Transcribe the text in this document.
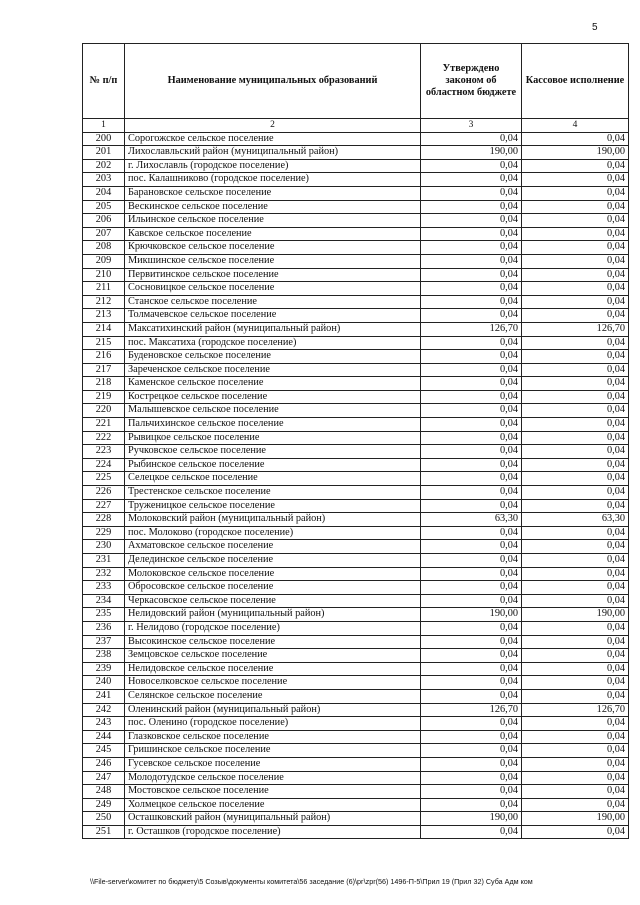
5
№ п/п	Наименование муниципальных образований	Утверждено законом об областном бюджете	Кассовое исполнение
1	2	3	4
200	Сорогожское сельское поселение	0,04	0,04
201	Лихославльский район (муниципальный район)	190,00	190,00
202	г. Лихославль (городское поселение)	0,04	0,04
203	пос. Калашниково (городское поселение)	0,04	0,04
204	Барановское сельское поселение	0,04	0,04
205	Вескинское сельское поселение	0,04	0,04
206	Ильинское сельское поселение	0,04	0,04
207	Кавское сельское поселение	0,04	0,04
208	Крючковское сельское поселение	0,04	0,04
209	Микшинское сельское поселение	0,04	0,04
210	Первитинское сельское поселение	0,04	0,04
211	Сосновицкое сельское поселение	0,04	0,04
212	Станское сельское поселение	0,04	0,04
213	Толмачевское сельское поселение	0,04	0,04
214	Максатихинский район (муниципальный район)	126,70	126,70
215	пос. Максатиха (городское поселение)	0,04	0,04
216	Буденовское сельское поселение	0,04	0,04
217	Зареченское сельское поселение	0,04	0,04
218	Каменское сельское поселение	0,04	0,04
219	Кострецкое сельское поселение	0,04	0,04
220	Малышевское сельское поселение	0,04	0,04
221	Пальчихинское сельское поселение	0,04	0,04
222	Рывицкое сельское поселение	0,04	0,04
223	Ручковское сельское поселение	0,04	0,04
224	Рыбинское сельское поселение	0,04	0,04
225	Селецкое сельское поселение	0,04	0,04
226	Трестенское сельское поселение	0,04	0,04
227	Труженицкое сельское поселение	0,04	0,04
228	Молоковский район (муниципальный район)	63,30	63,30
229	пос. Молоково (городское поселение)	0,04	0,04
230	Ахматовское сельское поселение	0,04	0,04
231	Делединское сельское поселение	0,04	0,04
232	Молоковское сельское поселение	0,04	0,04
233	Обросовское сельское поселение	0,04	0,04
234	Черкасовское сельское поселение	0,04	0,04
235	Нелидовский район (муниципальный район)	190,00	190,00
236	г. Нелидово (городское поселение)	0,04	0,04
237	Высокинское сельское поселение	0,04	0,04
238	Земцовское сельское поселение	0,04	0,04
239	Нелидовское сельское поселение	0,04	0,04
240	Новоселковское сельское поселение	0,04	0,04
241	Селянское сельское поселение	0,04	0,04
242	Оленинский район (муниципальный район)	126,70	126,70
243	пос. Оленино (городское поселение)	0,04	0,04
244	Глазковское сельское поселение	0,04	0,04
245	Гришинское сельское поселение	0,04	0,04
246	Гусевское сельское поселение	0,04	0,04
247	Молодотудское сельское поселение	0,04	0,04
248	Мостовское сельское поселение	0,04	0,04
249	Холмецкое сельское поселение	0,04	0,04
250	Осташковский район (муниципальный район)	190,00	190,00
251	г. Осташков (городское поселение)	0,04	0,04
\\File-server\комитет по бюджету\5 Созыв\документы комитета\56 заседание (6)\рг\zpr(56) 1496-П-5\Прил 19 (Прил 32) Суба Адм ком
